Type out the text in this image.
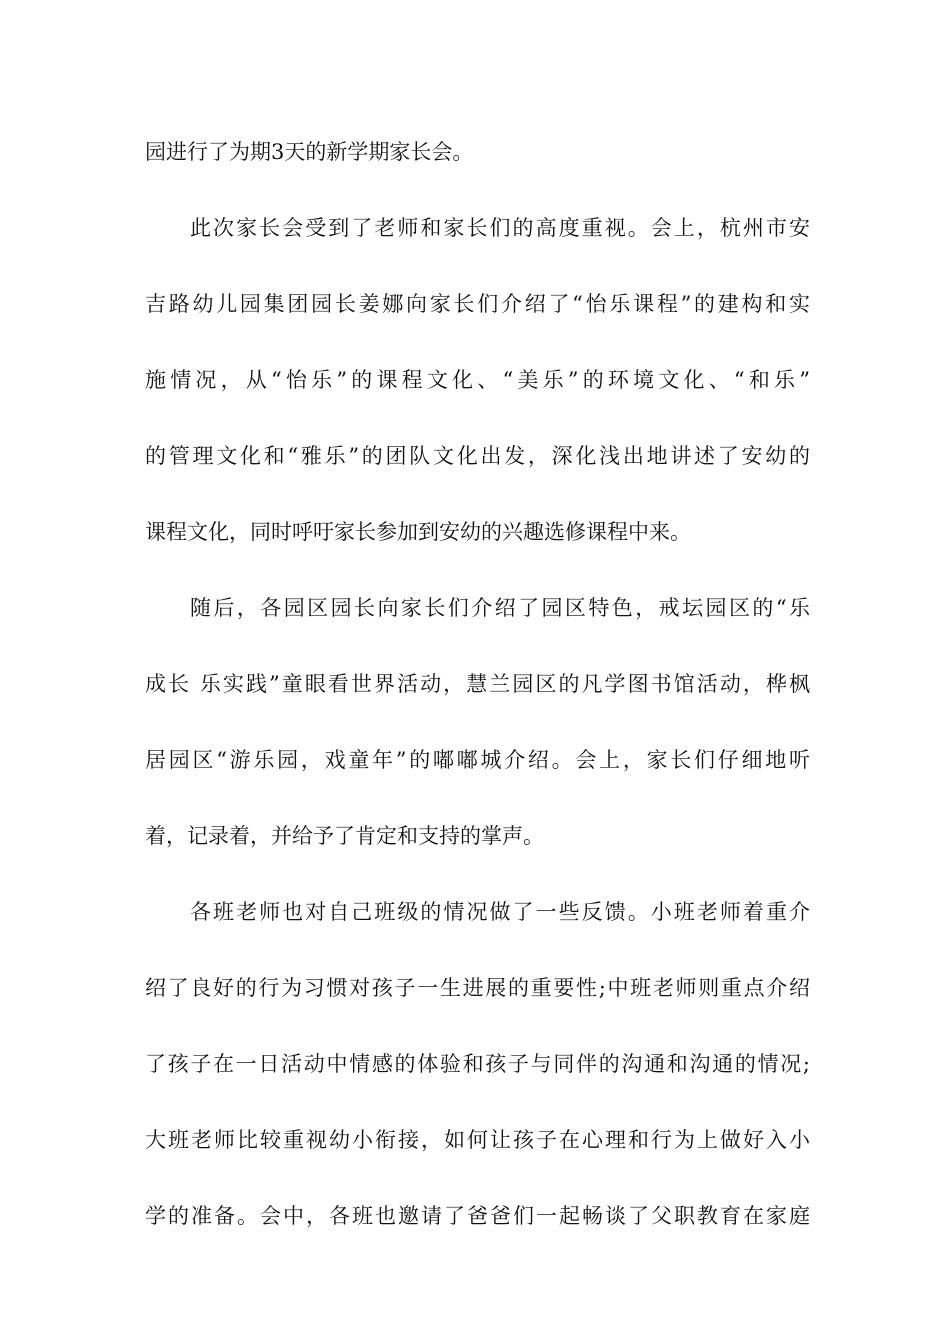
园进行了为期3天的新学期家长会。
此次家长会受到了老师和家长们的高度重视。会上，杭州市安
吉路幼儿园集团园长姜娜向家长们介绍了“怡乐课程”的建构和实
施情况，从“怡乐”的课程文化、“美乐”的环境文化、“和乐”
的管理文化和“雅乐”的团队文化出发，深化浅出地讲述了安幼的
课程文化，同时呼吁家长参加到安幼的兴趣选修课程中来。
随后，各园区园长向家长们介绍了园区特色，戒坛园区的“乐
成长 乐实践”童眼看世界活动，慧兰园区的凡学图书馆活动，桦枫
居园区“游乐园，戏童年”的嘟嘟城介绍。会上，家长们仔细地听
着，记录着，并给予了肯定和支持的掌声。
各班老师也对自己班级的情况做了一些反馈。小班老师着重介
绍了良好的行为习惯对孩子一生进展的重要性;中班老师则重点介绍
了孩子在一日活动中情感的体验和孩子与同伴的沟通和沟通的情况;
大班老师比较重视幼小衔接，如何让孩子在心理和行为上做好入小
学的准备。会中，各班也邀请了爸爸们一起畅谈了父职教育在家庭
